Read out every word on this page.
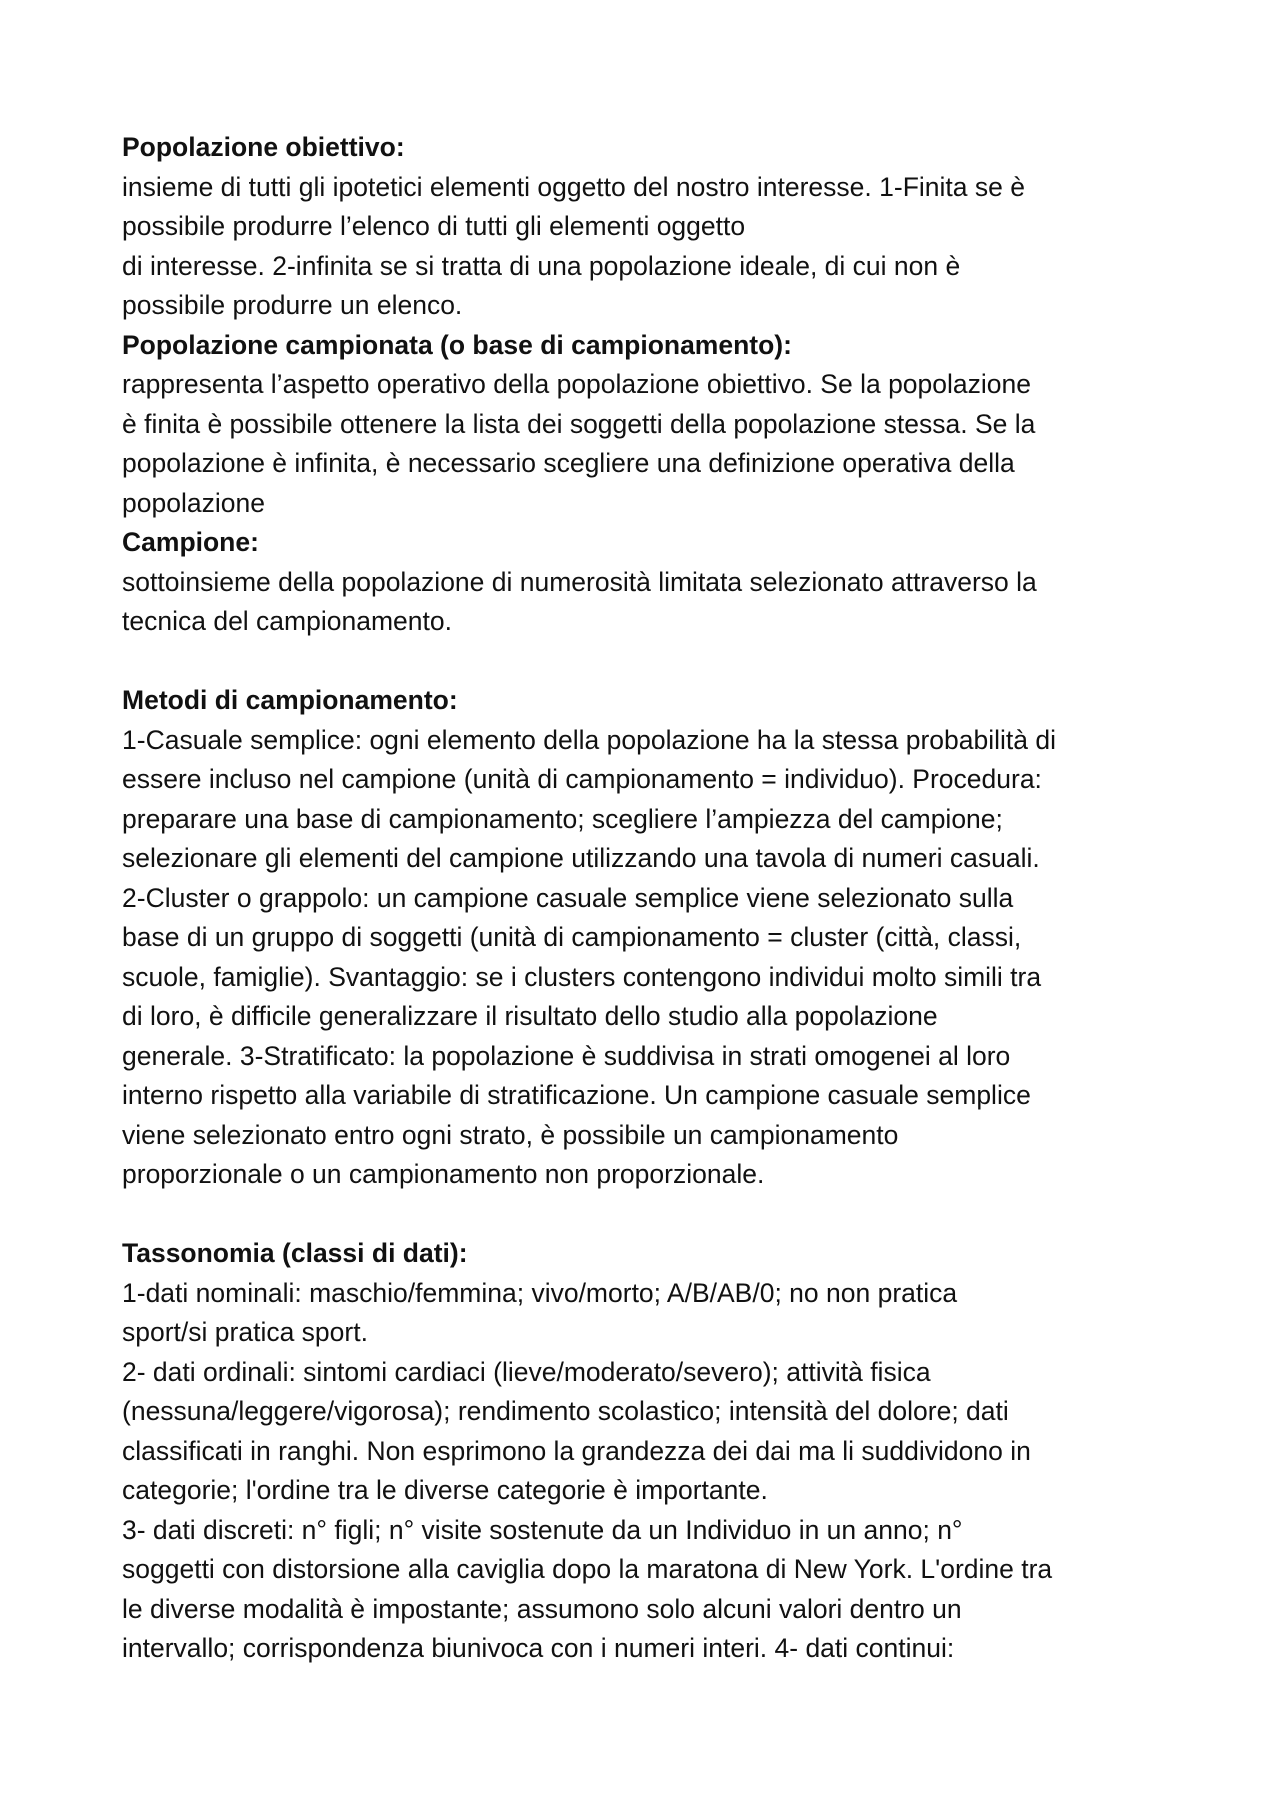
Popolazione obiettivo:
insieme di tutti gli ipotetici elementi oggetto del nostro interesse. 1-Finita se è
possibile produrre l’elenco di tutti gli elementi oggetto
di interesse. 2-infinita se si tratta di una popolazione ideale, di cui non è
possibile produrre un elenco.
Popolazione campionata (o base di campionamento):
rappresenta l’aspetto operativo della popolazione obiettivo. Se la popolazione
è finita è possibile ottenere la lista dei soggetti della popolazione stessa. Se la
popolazione è infinita, è necessario scegliere una definizione operativa della
popolazione
Campione:
sottoinsieme della popolazione di numerosità limitata selezionato attraverso la
tecnica del campionamento.
Metodi di campionamento:
1-Casuale semplice: ogni elemento della popolazione ha la stessa probabilità di
essere incluso nel campione (unità di campionamento = individuo). Procedura:
preparare una base di campionamento; scegliere l’ampiezza del campione;
selezionare gli elementi del campione utilizzando una tavola di numeri casuali.
2-Cluster o grappolo: un campione casuale semplice viene selezionato sulla
base di un gruppo di soggetti (unità di campionamento = cluster (città, classi,
scuole, famiglie). Svantaggio: se i clusters contengono individui molto simili tra
di loro, è difficile generalizzare il risultato dello studio alla popolazione
generale. 3-Stratificato: la popolazione è suddivisa in strati omogenei al loro
interno rispetto alla variabile di stratificazione. Un campione casuale semplice
viene selezionato entro ogni strato, è possibile un campionamento
proporzionale o un campionamento non proporzionale.
Tassonomia (classi di dati):
1-dati nominali: maschio/femmina; vivo/morto; A/B/AB/0; no non pratica
sport/si pratica sport.
2- dati ordinali: sintomi cardiaci (lieve/moderato/severo); attività fisica
(nessuna/leggere/vigorosa); rendimento scolastico; intensità del dolore; dati
classificati in ranghi. Non esprimono la grandezza dei dai ma li suddividono in
categorie; l'ordine tra le diverse categorie è importante.
3- dati discreti: n° figli; n° visite sostenute da un Individuo in un anno; n°
soggetti con distorsione alla caviglia dopo la maratona di New York. L'ordine tra
le diverse modalità è impostante; assumono solo alcuni valori dentro un
intervallo; corrispondenza biunivoca con i numeri interi. 4- dati continui:
